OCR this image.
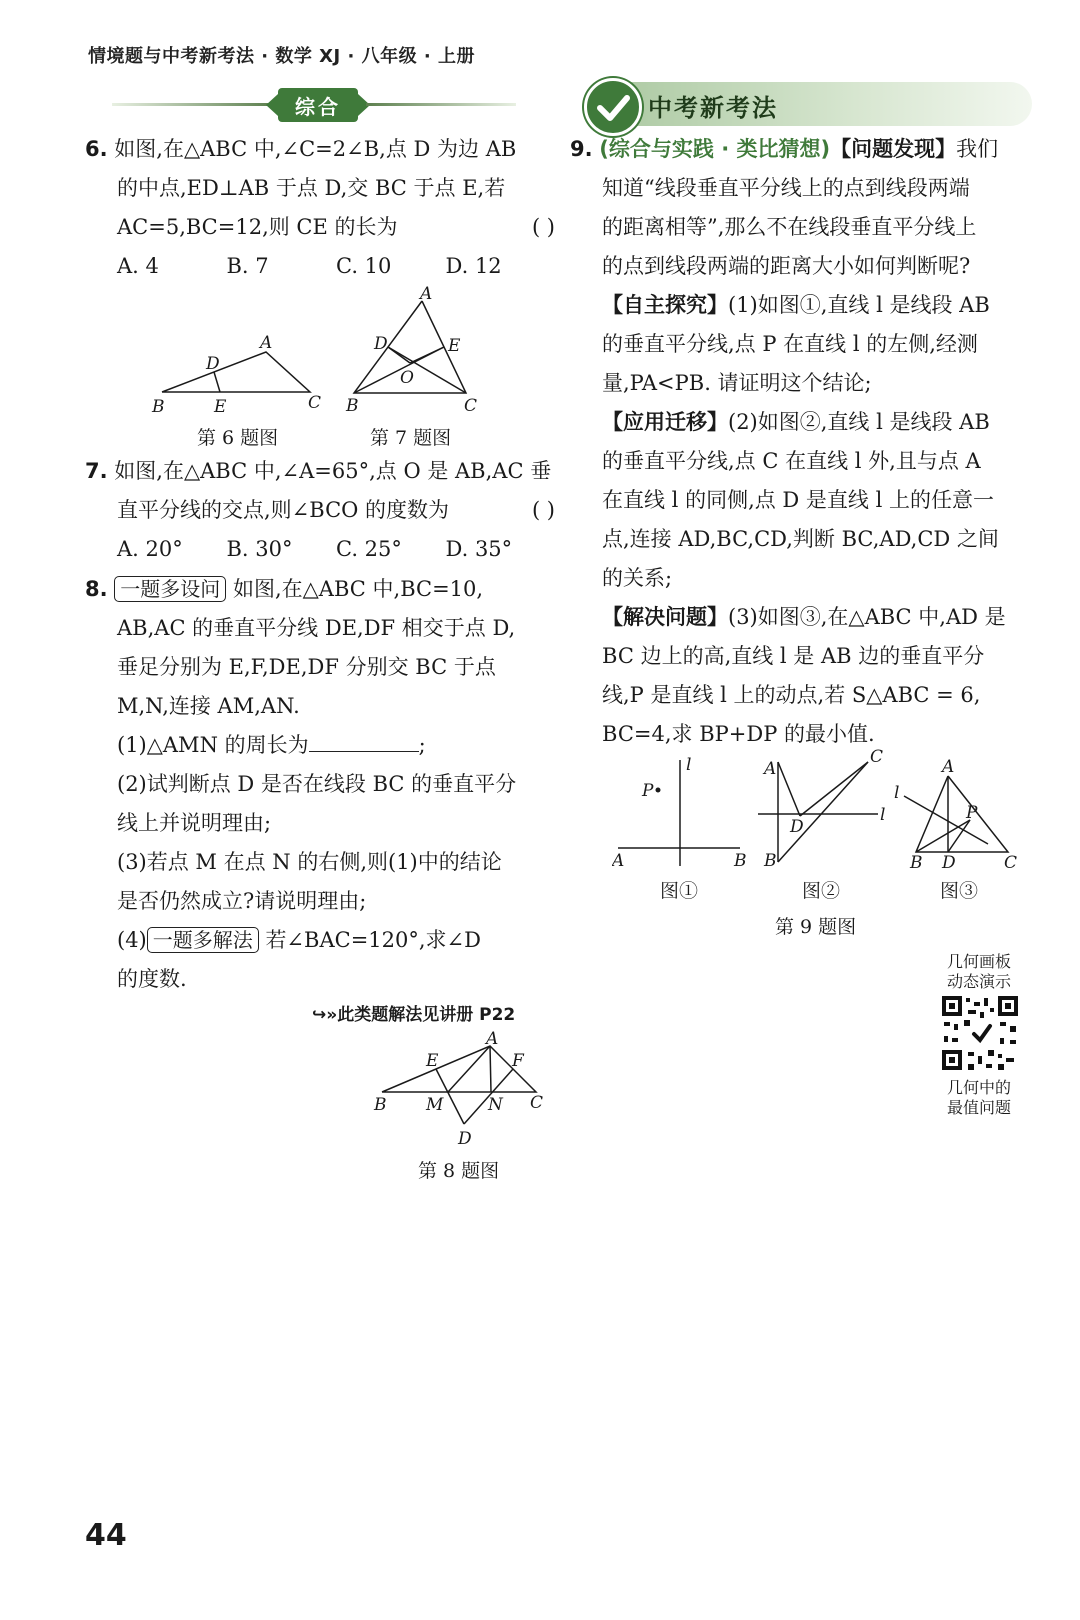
情境题与中考新考法 · 数学 XJ · 八年级 · 上册
综合	中考新考法
6. 如图,在△ABC 中,∠C=2∠B,点 D 为边 AB
的中点,ED⊥AB 于点 D,交 BC 于点 E,若
AC=5,BC=12,则 CE 的长为	( )
A. 4	B. 7	C. 10	D. 12
A
D
B	E	C
第 6 题图
A
D	E
O
B	C
第 7 题图
7. 如图,在△ABC 中,∠A=65°,点 O 是 AB,AC 垂
直平分线的交点,则∠BCO 的度数为	( )
A. 20°	B. 30°	C. 25°	D. 35°
8. 一题多设问 如图,在△ABC 中,BC=10,
AB,AC 的垂直平分线 DE,DF 相交于点 D,
垂足分别为 E,F,DE,DF 分别交 BC 于点
M,N,连接 AM,AN.
(1)△AMN 的周长为	;
(2)试判断点 D 是否在线段 BC 的垂直平分
线上并说明理由;
(3)若点 M 在点 N 的右侧,则(1)中的结论
是否仍然成立?请说明理由;
(4) 一题多解法 若∠BAC=120°,求∠D
的度数.
↪»此类题解法见讲册 P22
A
E	F
B M	N C
D
第 8 题图
9. (综合与实践 · 类比猜想)【问题发现】我们
知道“线段垂直平分线上的点到线段两端
的距离相等”,那么不在线段垂直平分线上
的点到线段两端的距离大小如何判断呢?
【自主探究】(1)如图①,直线 l 是线段 AB
的垂直平分线,点 P 在直线 l 的左侧,经测
量,PA<PB. 请证明这个结论;
【应用迁移】(2)如图②,直线 l 是线段 AB
的垂直平分线,点 C 在直线 l 外,且与点 A
在直线 l 的同侧,点 D 是直线 l 上的任意一
点,连接 AD,BC,CD,判断 BC,AD,CD 之间
的关系;
【解决问题】(3)如图③,在△ABC 中,AD 是
BC 边上的高,直线 l 是 AB 边的垂直平分
线,P 是直线 l 上的动点,若 S△ABC = 6,
BC=4,求 BP+DP 的最小值.
l
P
A	B
图①
A
C
D
l
B
图②
A
l
P
B D	C
图③
第 9 题图
几何画板
动态演示
几何中的
最值问题
44
